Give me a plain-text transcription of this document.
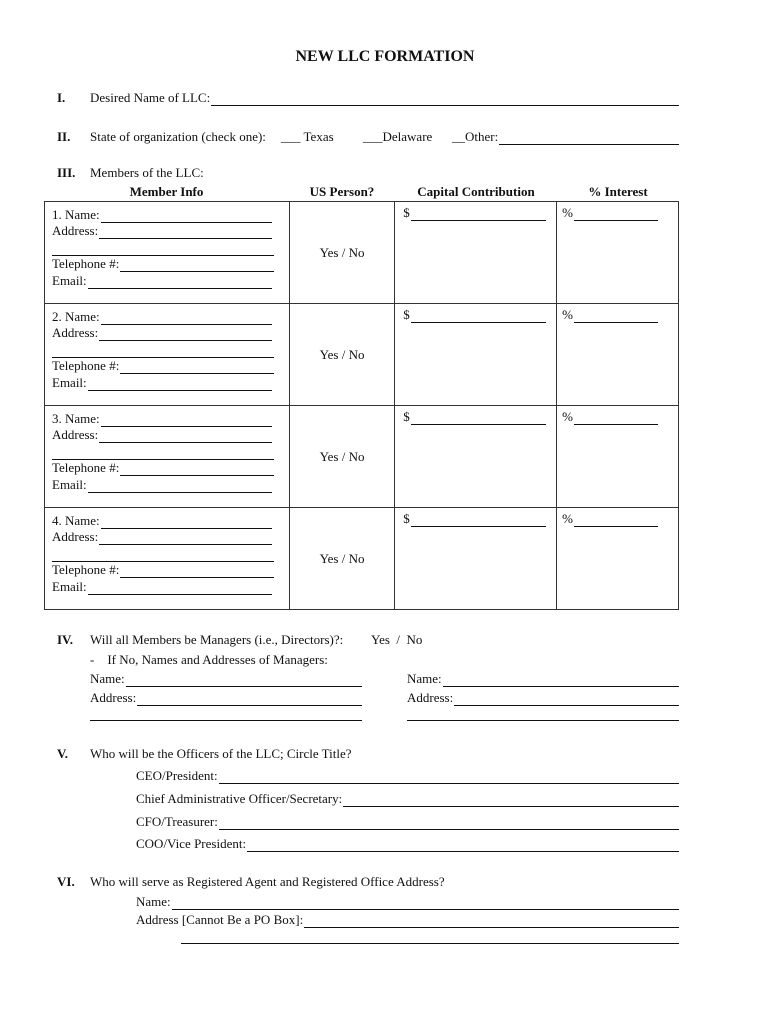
NEW LLC FORMATION
I. Desired Name of LLC:
II. State of organization (check one): ___ Texas ___Delaware __Other:
III. Members of the LLC:
Member Info	US Person?	Capital Contribution	% Interest
1. Name:
Address:
Telephone #:
Email:	Yes / No	$	%

2. Name:
Address:
Telephone #:
Email:	Yes / No	$	%

3. Name:
Address:
Telephone #:
Email:	Yes / No	$	%

4. Name:
Address:
Telephone #:
Email:	Yes / No	$	%
IV. Will all Members be Managers (i.e., Directors)?: Yes  /  No
-    If No, Names and Addresses of Managers:
Name:
Address:
Name:
Address:
V. Who will be the Officers of the LLC; Circle Title?
CEO/President:
Chief Administrative Officer/Secretary:
CFO/Treasurer:
COO/Vice President:
VI. Who will serve as Registered Agent and Registered Office Address?
Name:
Address [Cannot Be a PO Box]:
